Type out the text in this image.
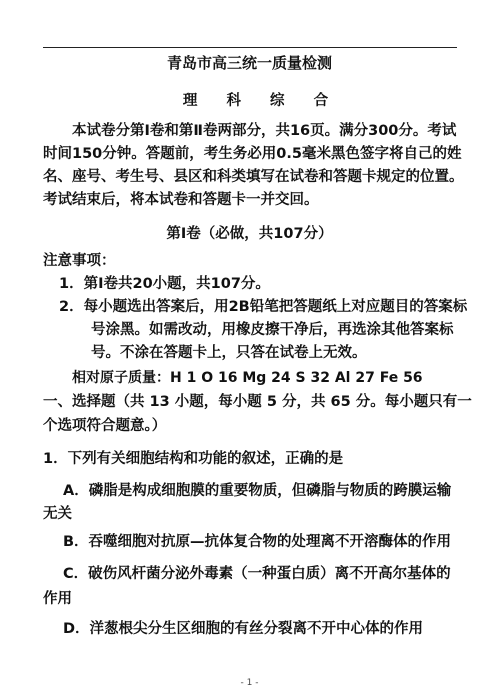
青岛市高三统一质量检测
理 科 综 合
本试卷分第Ⅰ卷和第Ⅱ卷两部分，共16页。满分300分。考试
时间150分钟。答题前，考生务必用0.5毫米黑色签字将自己的姓
名、座号、考生号、县区和科类填写在试卷和答题卡规定的位置。
考试结束后，将本试卷和答题卡一并交回。
第Ⅰ卷（必做，共107分）
注意事项：
1．第Ⅰ卷共20小题，共107分。
2．每小题选出答案后，用2B铅笔把答题纸上对应题目的答案标
号涂黑。如需改动，用橡皮擦干净后，再选涂其他答案标
号。不涂在答题卡上，只答在试卷上无效。
相对原子质量：H 1 O 16 Mg 24 S 32 Al 27 Fe 56
一、选择题（共 13 小题，每小题 5 分，共 65 分。每小题只有一
个选项符合题意。）
1．下列有关细胞结构和功能的叙述，正确的是
A．磷脂是构成细胞膜的重要物质，但磷脂与物质的跨膜运输
无关
B．吞噬细胞对抗原—抗体复合物的处理离不开溶酶体的作用
C．破伤风杆菌分泌外毒素（一种蛋白质）离不开高尔基体的
作用
D．洋葱根尖分生区细胞的有丝分裂离不开中心体的作用
- 1 -
